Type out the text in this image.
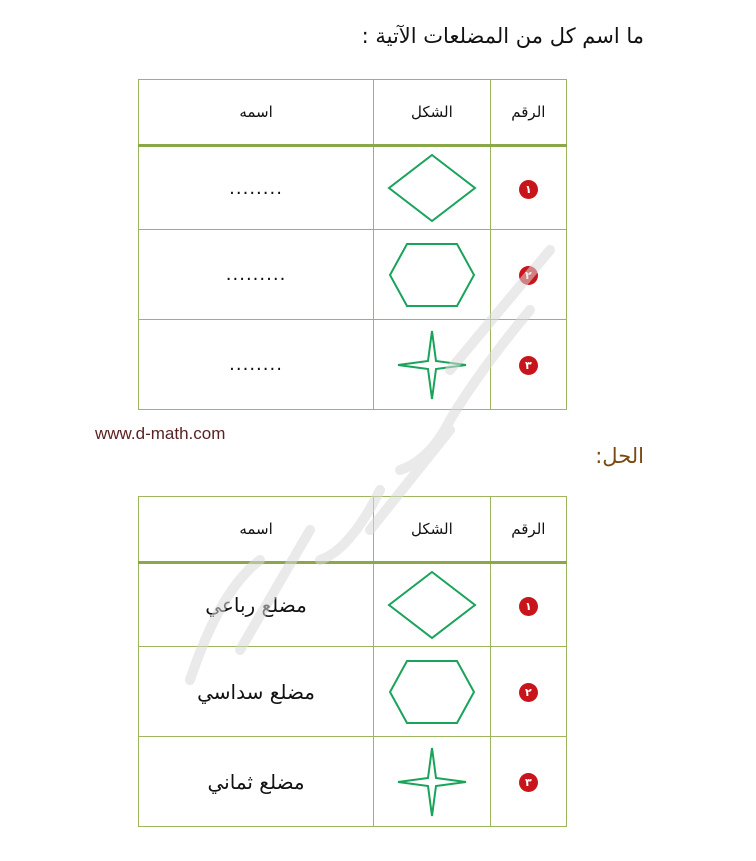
ما اسم كل من المضلعات الآتية :
الرقم	الشكل	اسمه
١		........
٢		.........
٣		........
www.d-math.com
الحل:
الرقم	الشكل	اسمه
١		مضلع رباعي
٢		مضلع سداسي
٣		مضلع ثماني
